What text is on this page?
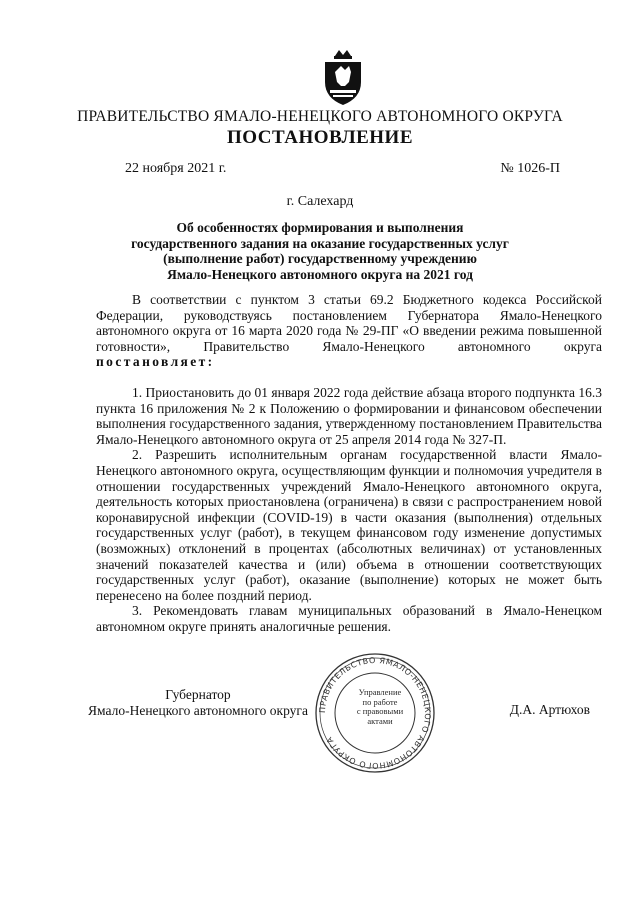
ПРАВИТЕЛЬСТВО ЯМАЛО-НЕНЕЦКОГО АВТОНОМНОГО ОКРУГА
ПОСТАНОВЛЕНИЕ
22 ноября 2021 г.	№ 1026-П
г. Салехард
Об особенностях формирования и выполнения
государственного задания на оказание государственных услуг
(выполнение работ) государственному учреждению
Ямало-Ненецкого автономного округа на 2021 год

В соответствии с пунктом 3 статьи 69.2 Бюджетного кодекса Российской Федерации, руководствуясь постановлением Губернатора Ямало-Ненецкого автономного округа от 16 марта 2020 года № 29-ПГ «О введении режима повышенной готовности», Правительство Ямало-Ненецкого автономного округа постановляет:

1. Приостановить до 01 января 2022 года действие абзаца второго подпункта 16.3 пункта 16 приложения № 2 к Положению о формировании и финансовом обеспечении выполнения государственного задания, утвержденному постановлением Правительства Ямало-Ненецкого автономного округа от 25 апреля 2014 года № 327-П.

2. Разрешить исполнительным органам государственной власти Ямало-Ненецкого автономного округа, осуществляющим функции и полномочия учредителя в отношении государственных учреждений Ямало-Ненецкого автономного округа, деятельность которых приостановлена (ограничена) в связи с распространением новой коронавирусной инфекции (COVID-19) в части оказания (выполнения) отдельных государственных услуг (работ), в текущем финансовом году изменение допустимых (возможных) отклонений в процентах (абсолютных величинах) от установленных значений показателей качества и (или) объема в отношении соответствующих государственных услуг (работ), оказание (выполнение) которых не может быть перенесено на более поздний период.

3. Рекомендовать главам муниципальных образований в Ямало-Ненецком автономном округе принять аналогичные решения.

Губернатор
Ямало-Ненецкого автономного округа ПРАВИТЕЛЬСТВО ЯМАЛО-НЕНЕЦКОГО АВТОНОМНОГО ОКРУГА
Управление
по работе
с правовыми
актами
Д.А. Артюхов
